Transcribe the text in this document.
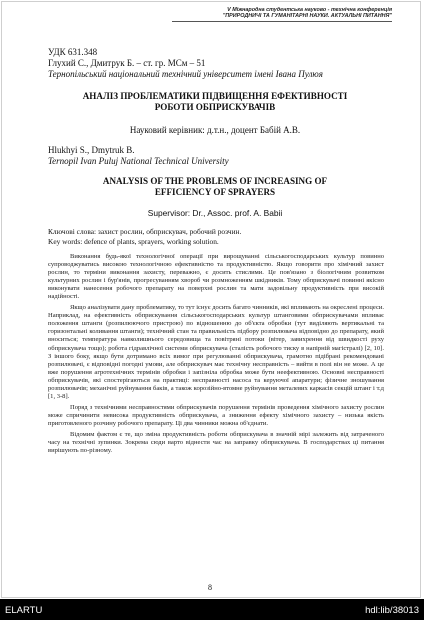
V Міжнародна студентська науково - технічна конференція
"ПРИРОДНИЧІ ТА ГУМАНІТАРНІ НАУКИ. АКТУАЛЬНІ ПИТАННЯ"
УДК 631.348
Глухий С., Дмитрук Б. – ст. гр. МСм – 51
Тернопільський національний технічний університет імені Івана Пулюя
АНАЛІЗ ПРОБЛЕМАТИКИ ПІДВИЩЕННЯ ЕФЕКТИВНОСТІ
РОБОТИ ОБПРИСКУВАЧІВ
Науковий керівник: д.т.н., доцент Бабій А.В.
Hlukhyi S., Dmytruk B.
Ternopil Ivan Puluj National Technical University
ANALYSIS OF THE PROBLEMS OF INCREASING OF
EFFICIENCY OF SPRAYERS
Supervisor: Dr., Assoc. prof. A. Babii
Ключові слова: захист рослин, обприскувач, робочий розчин.
Key words: defence of plants, sprayers, working solution.

Виконання будь-якої технологічної операції при вирощуванні сільськогосподарських культур повинно супроводжуватись високою технологічною ефективністю та продуктивністю. Якщо говорити про хімічний захист рослин, то терміни виконання захисту, переважно, є досить стислими. Це пов'язано з біологічним розвитком культурних рослин і бур'янів, прогресуванням хвороб чи розмноженням шкідників. Тому обприскувачі повинні якісно виконувати нанесення робочого препарату на поверхні рослин та мати задовільну продуктивність при високій надійності.

Якщо аналізувати дану проблематику, то тут існує досить багато чинників, які впливають на окреслені процеси. Наприклад, на ефективність обприскування сільськогосподарських культур штанговими обприскувачами впливає положення штанги (розпилюючого пристрою) по відношенню до об'єкта обробки (тут виділяють вертикальні та горизонтальні коливання штанги); технічний стан та правильність підбору розпилювача відповідно до препарату, який вноситься; температура навколишнього середовища та повітряні потоки (вітер, завихрення від швидкості руху обприскувача тощо); робота гідравлічної системи обприскувача (сталість робочого тиску в напірній магістралі) [2, 10]. З іншого боку, якщо бути дотримано всіх вимог при регулюванні обприскувача, грамотно підібрані рекомендовані розпилювачі, є відповідні погодні умови, але обприскувач має технічну несправність – вийти в полі він не може. А це вже порушення агротехнічних термінів обробки і запізніла обробка може бути неефективною. Основні несправності обприскувачів, які спостерігаються на практиці: несправності насоса та керуючої апаратури; фізичне зношування розпилювачів; механічні руйнування баків, а також корозійно-втомне руйнування металевих каркасів секцій штанг і т.д [1, 3-8].

Поряд з технічними несправностями обприскувачів порушення термінів проведення хімічного захисту рослин може спричинити невисока продуктивність обприскувача, а зниження ефекту хімічного захисту – низька якість приготовленого розчину робочого препарату. Ці два чинники можна об'єднати.

Відомим фактом є те, що зміна продуктивність роботи обприскувача в значній мірі залежить від затраченого часу на технічні зупинки. Зокрема сюди варто віднести час на заправку обприскувача. В господарствах ці питання вирішують по-різному.

8
ELARTU	hdl:lib/38013
